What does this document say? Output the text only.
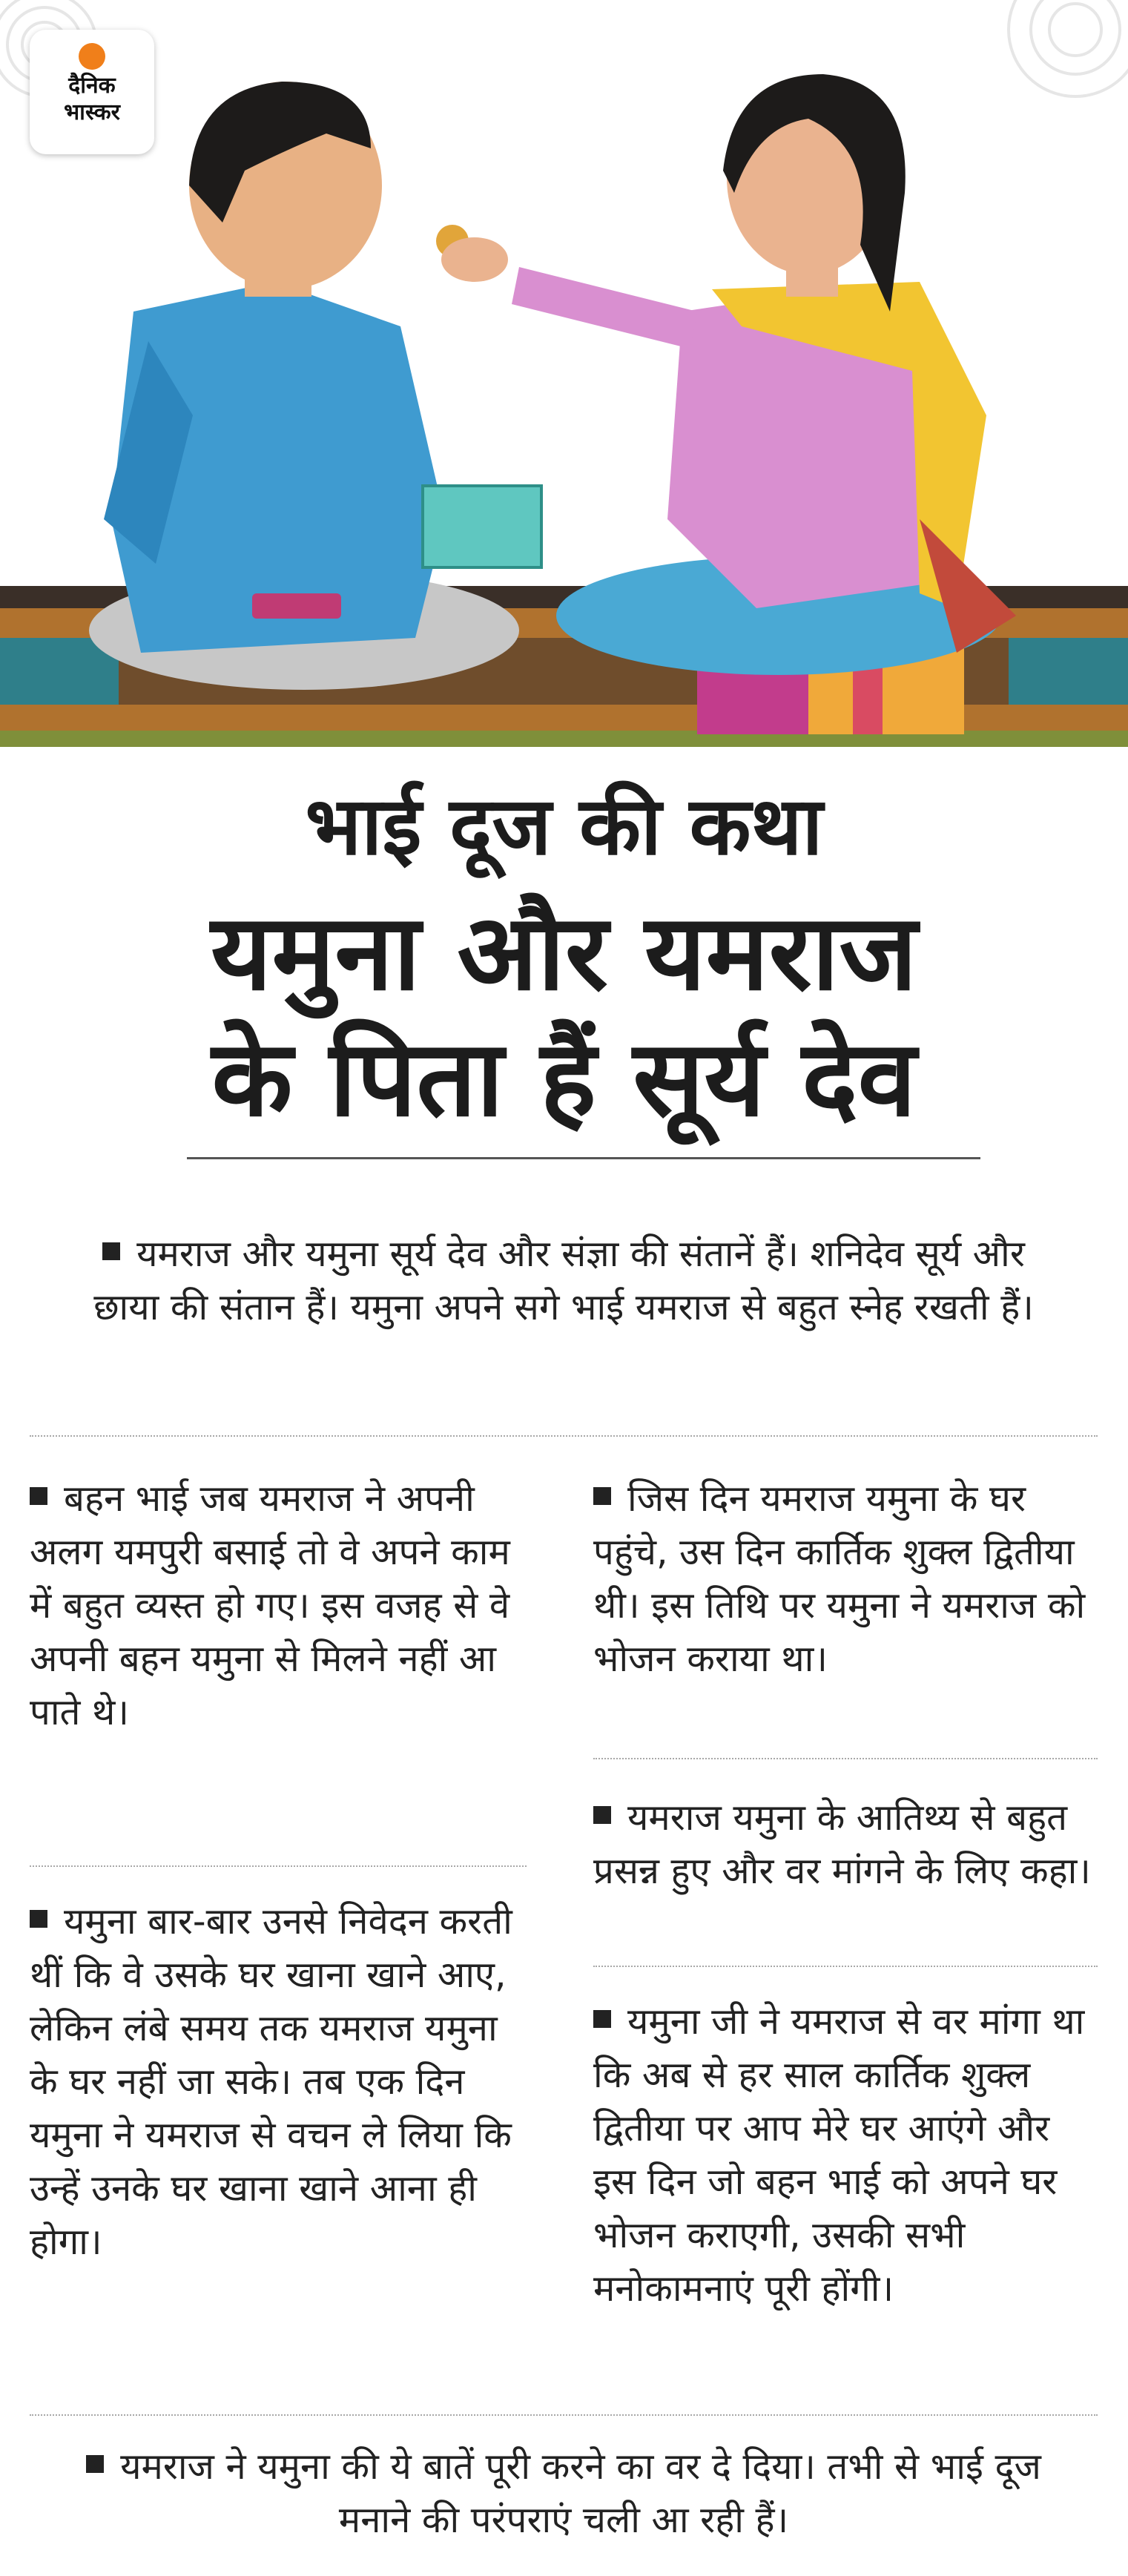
दैनिक
भास्कर
भाई दूज की कथा
यमुना और यमराज
के पिता हैं सूर्य देव
यमराज और यमुना सूर्य देव और संज्ञा की संतानें हैं। शनिदेव सूर्य और छाया की संतान हैं। यमुना अपने सगे भाई यमराज से बहुत स्नेह रखती हैं।
बहन भाई जब यमराज ने अपनी अलग यमपुरी बसाई तो वे अपने काम में बहुत व्यस्त हो गए। इस वजह से वे अपनी बहन यमुना से मिलने नहीं आ पाते थे।
यमुना बार-बार उनसे निवेदन करती थीं कि वे उसके घर खाना खाने आए, लेकिन लंबे समय तक यमराज यमुना के घर नहीं जा सके। तब एक दिन यमुना ने यमराज से वचन ले लिया कि उन्हें उनके घर खाना खाने आना ही होगा।
जिस दिन यमराज यमुना के घर पहुंचे, उस दिन कार्तिक शुक्ल द्वितीया थी। इस तिथि पर यमुना ने यमराज को भोजन कराया था।
यमराज यमुना के आतिथ्य से बहुत प्रसन्न हुए और वर मांगने के लिए कहा।
यमुना जी ने यमराज से वर मांगा था कि अब से हर साल कार्तिक शुक्ल द्वितीया पर आप मेरे घर आएंगे और इस दिन जो बहन भाई को अपने घर भोजन कराएगी, उसकी सभी मनोकामनाएं पूरी होंगी।
यमराज ने यमुना की ये बातें पूरी करने का वर दे दिया। तभी से भाई दूज मनाने की परंपराएं चली आ रही हैं।
